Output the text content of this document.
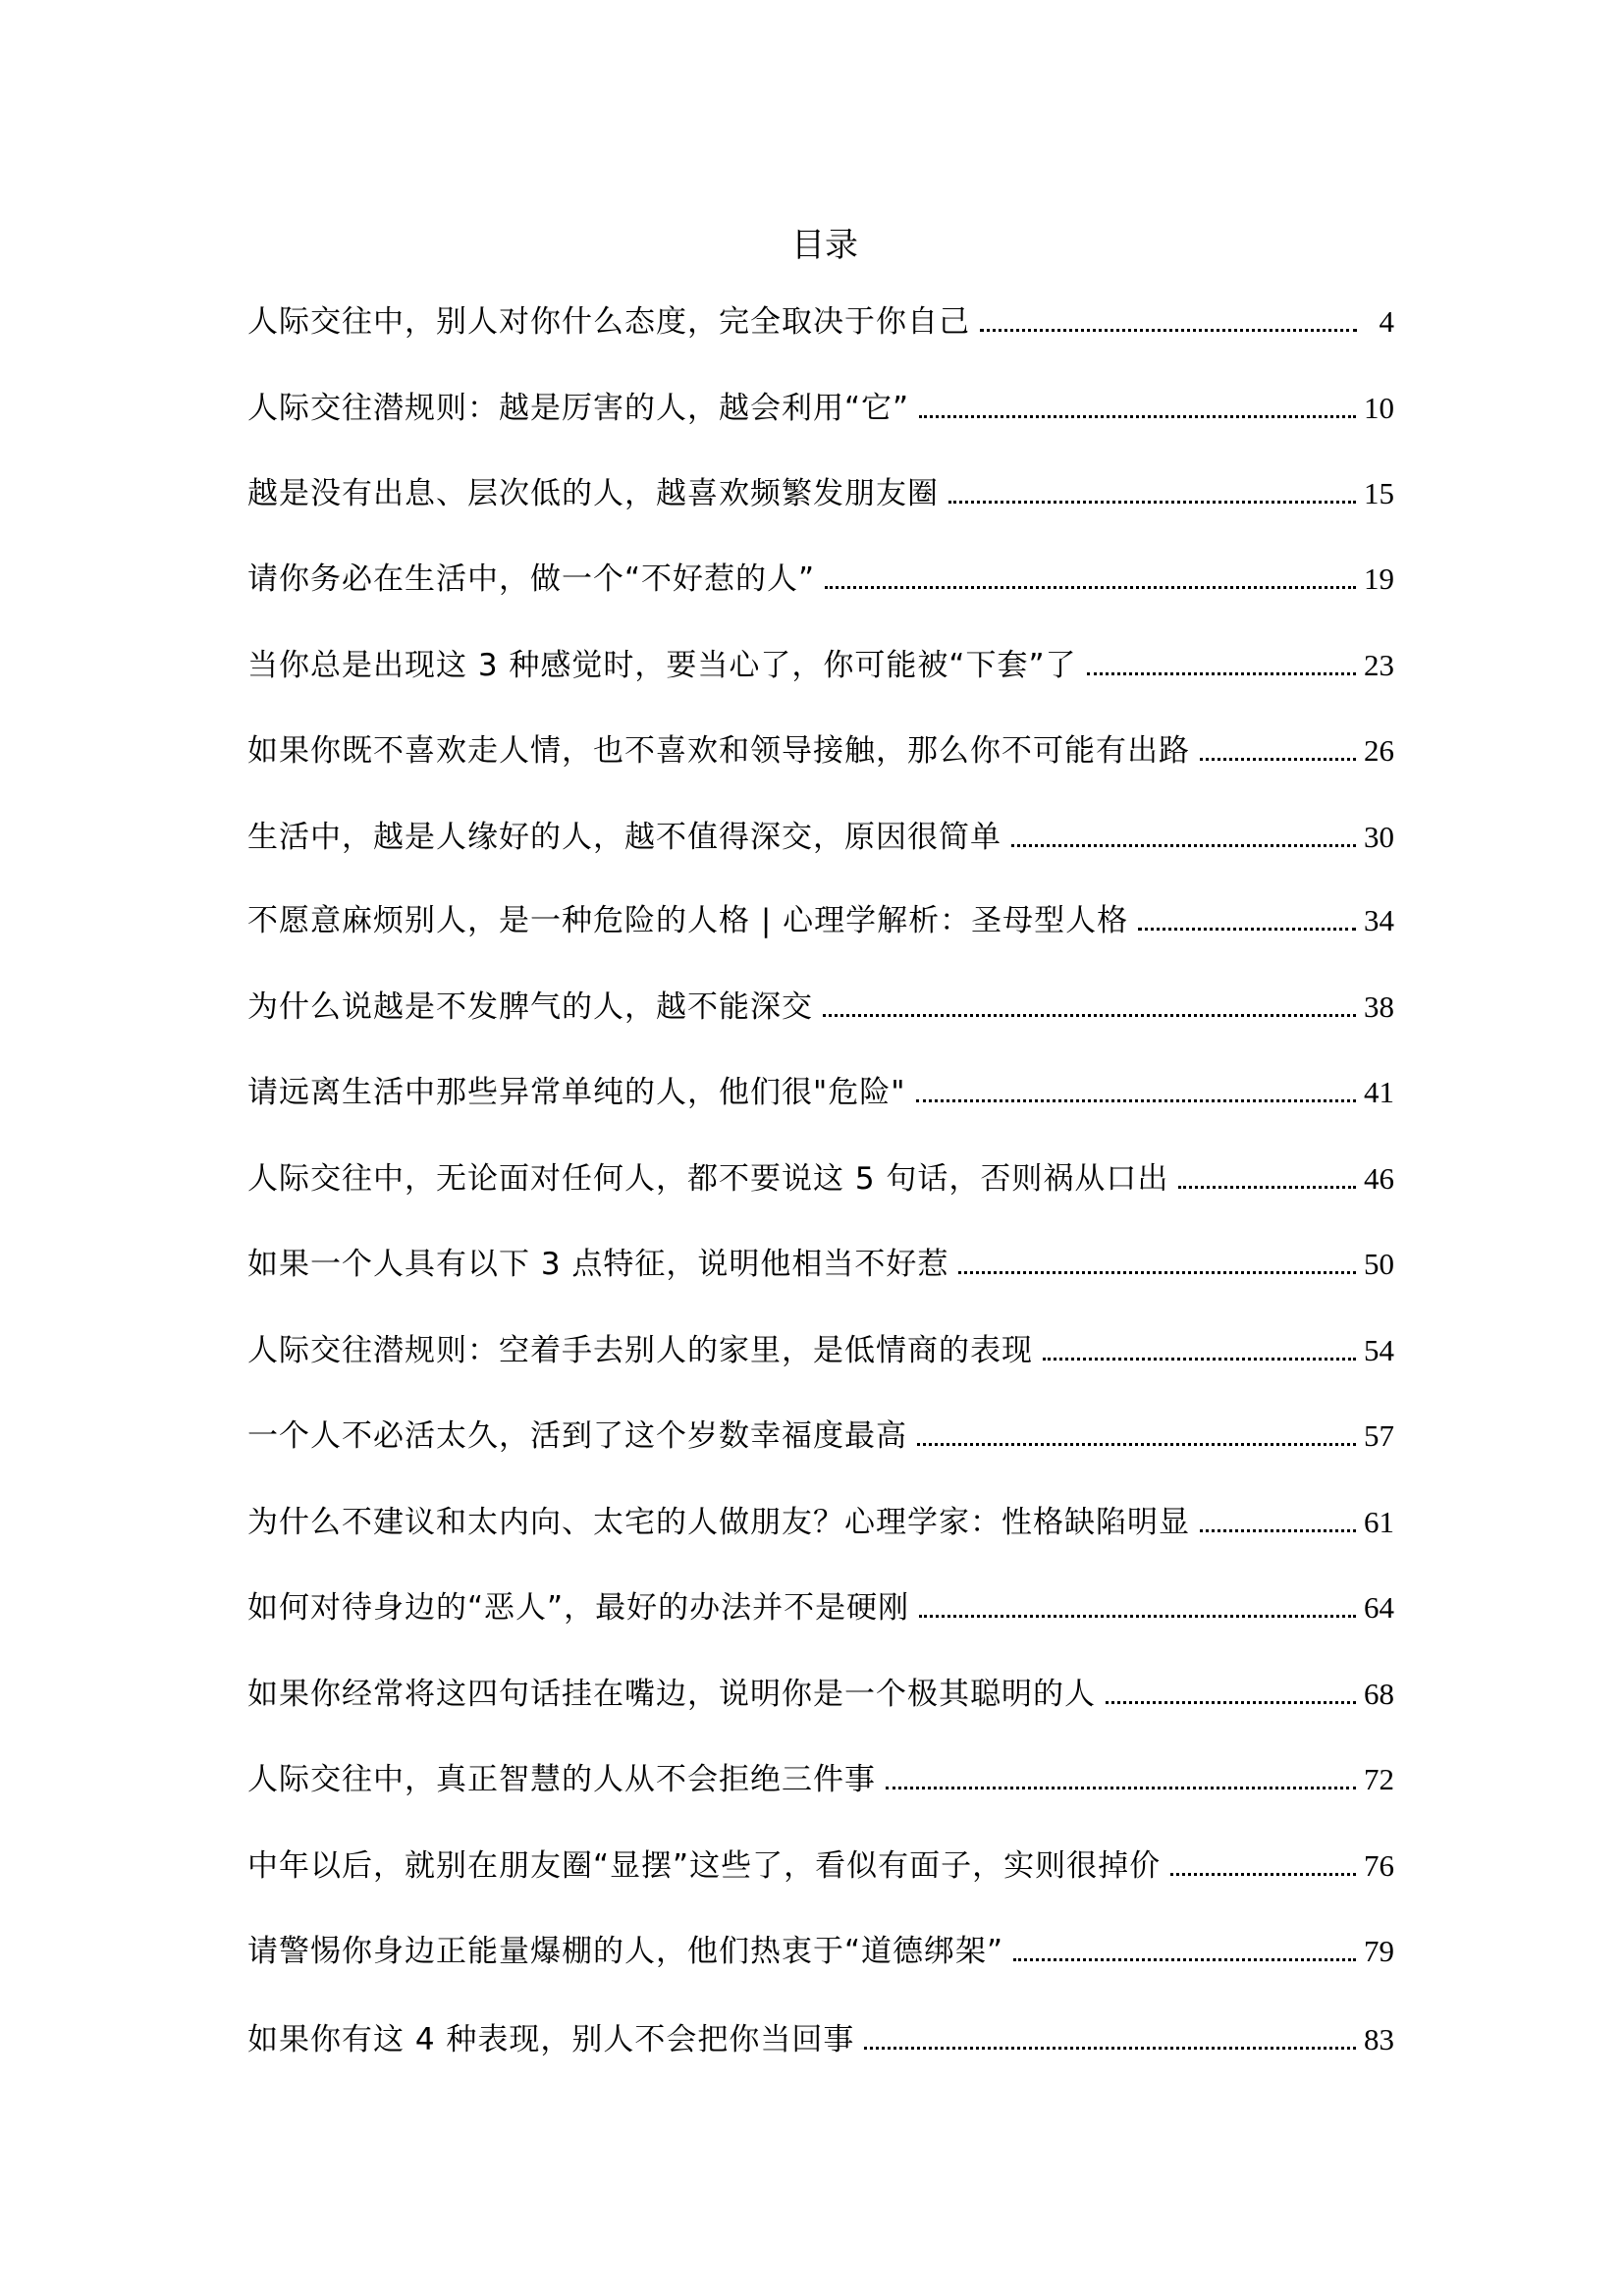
目录
人际交往中，别人对你什么态度，完全取决于你自己	4
人际交往潜规则：越是厉害的人，越会利用“它”	10
越是没有出息、层次低的人，越喜欢频繁发朋友圈	15
请你务必在生活中，做一个“不好惹的人”	19
当你总是出现这 3 种感觉时，要当心了，你可能被“下套”了	23
如果你既不喜欢走人情，也不喜欢和领导接触，那么你不可能有出路	26
生活中，越是人缘好的人，越不值得深交，原因很简单	30
不愿意麻烦别人，是一种危险的人格 | 心理学解析：圣母型人格	34
为什么说越是不发脾气的人，越不能深交	38
请远离生活中那些异常单纯的人，他们很"危险"	41
人际交往中，无论面对任何人，都不要说这 5 句话，否则祸从口出	46
如果一个人具有以下 3 点特征，说明他相当不好惹	50
人际交往潜规则：空着手去别人的家里，是低情商的表现	54
一个人不必活太久，活到了这个岁数幸福度最高	57
为什么不建议和太内向、太宅的人做朋友？心理学家：性格缺陷明显	61
如何对待身边的“恶人”，最好的办法并不是硬刚	64
如果你经常将这四句话挂在嘴边，说明你是一个极其聪明的人	68
人际交往中，真正智慧的人从不会拒绝三件事	72
中年以后，就别在朋友圈“显摆”这些了，看似有面子，实则很掉价	76
请警惕你身边正能量爆棚的人，他们热衷于“道德绑架”	79
如果你有这 4 种表现，别人不会把你当回事	83
